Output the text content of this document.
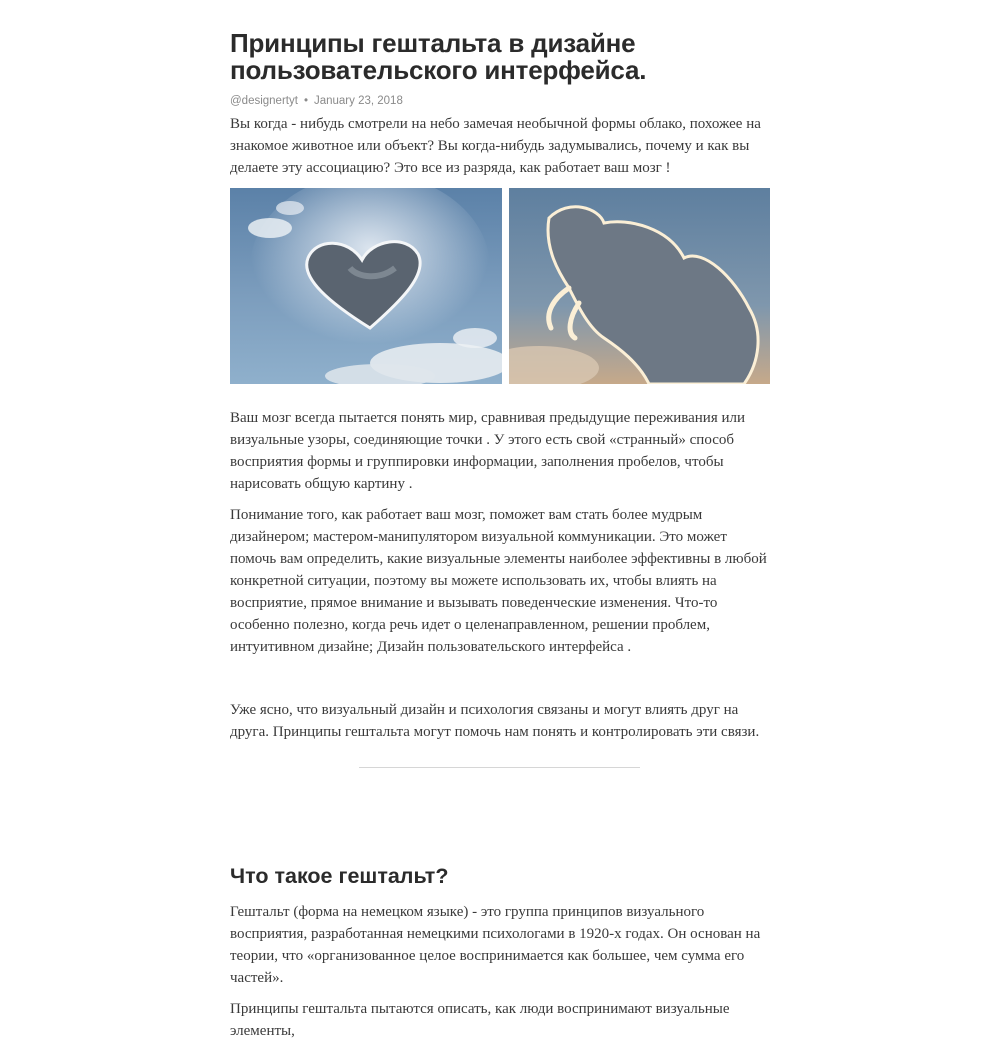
Принципы гештальта в дизайне пользовательского интерфейса.
@designertyt • January 23, 2018

Вы когда - нибудь смотрели на небо замечая необычной формы облако, похожее на знакомое животное или объект? Вы когда-нибудь задумывались, почему и как вы делаете эту ассоциацию? Это все из разряда, как работает ваш мозг !

Ваш мозг всегда пытается понять мир, сравнивая предыдущие переживания или визуальные узоры, соединяющие точки . У этого есть свой «странный» способ восприятия формы и группировки информации, заполнения пробелов, чтобы нарисовать общую картину .

Понимание того, как работает ваш мозг, поможет вам стать более мудрым дизайнером; мастером-манипулятором визуальной коммуникации. Это может помочь вам определить, какие визуальные элементы наиболее эффективны в любой конкретной ситуации, поэтому вы можете использовать их, чтобы влиять на восприятие, прямое внимание и вызывать поведенческие изменения. Что-то особенно полезно, когда речь идет о целенаправленном, решении проблем, интуитивном дизайне; Дизайн пользовательского интерфейса .

Уже ясно, что визуальный дизайн и психология связаны и могут влиять друг на друга. Принципы гештальта могут помочь нам понять и контролировать эти связи.

Что такое гештальт?

Гештальт (форма на немецком языке) - это группа принципов визуального восприятия, разработанная немецкими психологами в 1920-х годах. Он основан на теории, что «организованное целое воспринимается как большее, чем сумма его частей».

Принципы гештальта пытаются описать, как люди воспринимают визуальные элементы,
